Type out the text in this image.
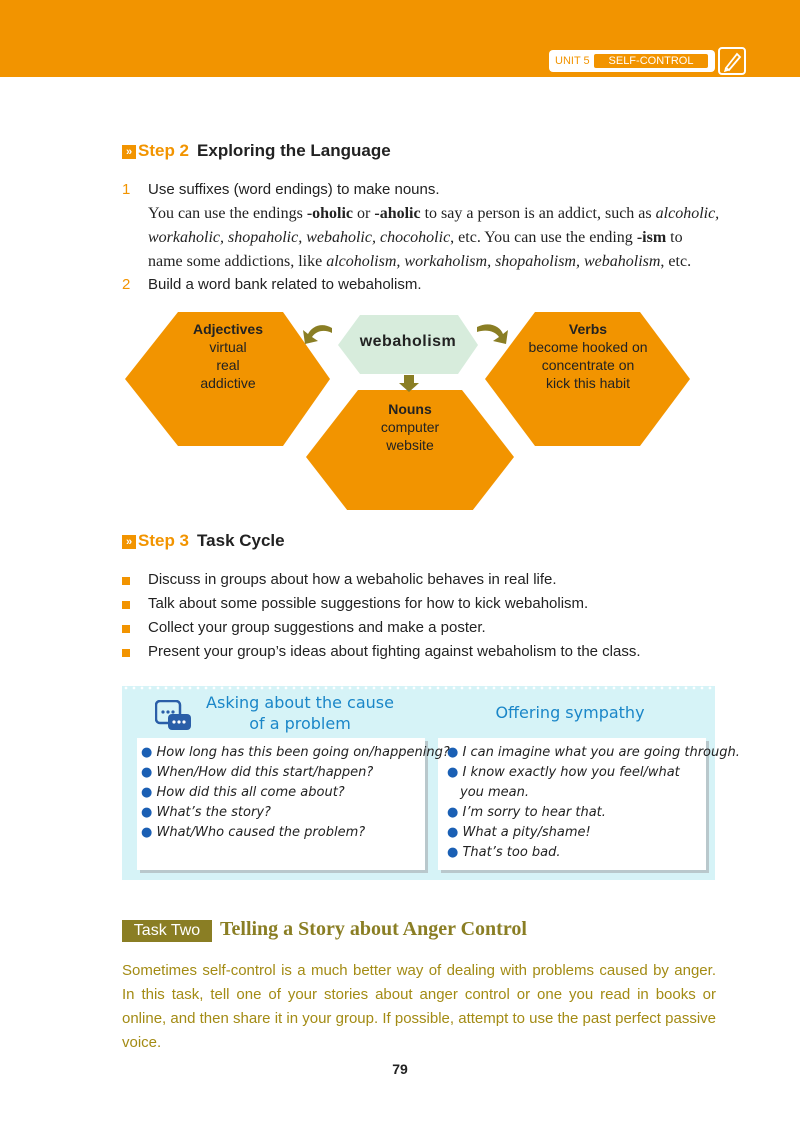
UNIT 5	SELF-CONTROL
» Step 2 Exploring the Language
1 Use suffixes (word endings) to make nouns.
You can use the endings -oholic or -aholic to say a person is an addict, such as alcoholic,
workaholic, shopaholic, webaholic, chocoholic, etc. You can use the ending -ism to
name some addictions, like alcoholism, workaholism, shopaholism, webaholism, etc.
2 Build a word bank related to webaholism.
webaholism
Adjectives
virtual
real
addictive
Verbs
become hooked on
concentrate on
kick this habit
Nouns
computer
website
» Step 3 Task Cycle
Discuss in groups about how a webaholic behaves in real life.
Talk about some possible suggestions for how to kick webaholism.
Collect your group suggestions and make a poster.
Present your group’s ideas about fighting against webaholism to the class.
Asking about the cause
of a problem
Offering sympathy
● How long has this been going on/happening?
● When/How did this start/happen?
● How did this all come about?
● What’s the story?
● What/Who caused the problem?
● I can imagine what you are going through.
● I know exactly how you feel/what
you mean.
● I’m sorry to hear that.
● What a pity/shame!
● That’s too bad.
Task Two Telling a Story about Anger Control
Sometimes self-control is a much better way of dealing with problems caused by anger. In this task, tell one of your stories about anger control or one you read in books or online, and then share it in your group. If possible, attempt to use the past perfect passive voice.
79
